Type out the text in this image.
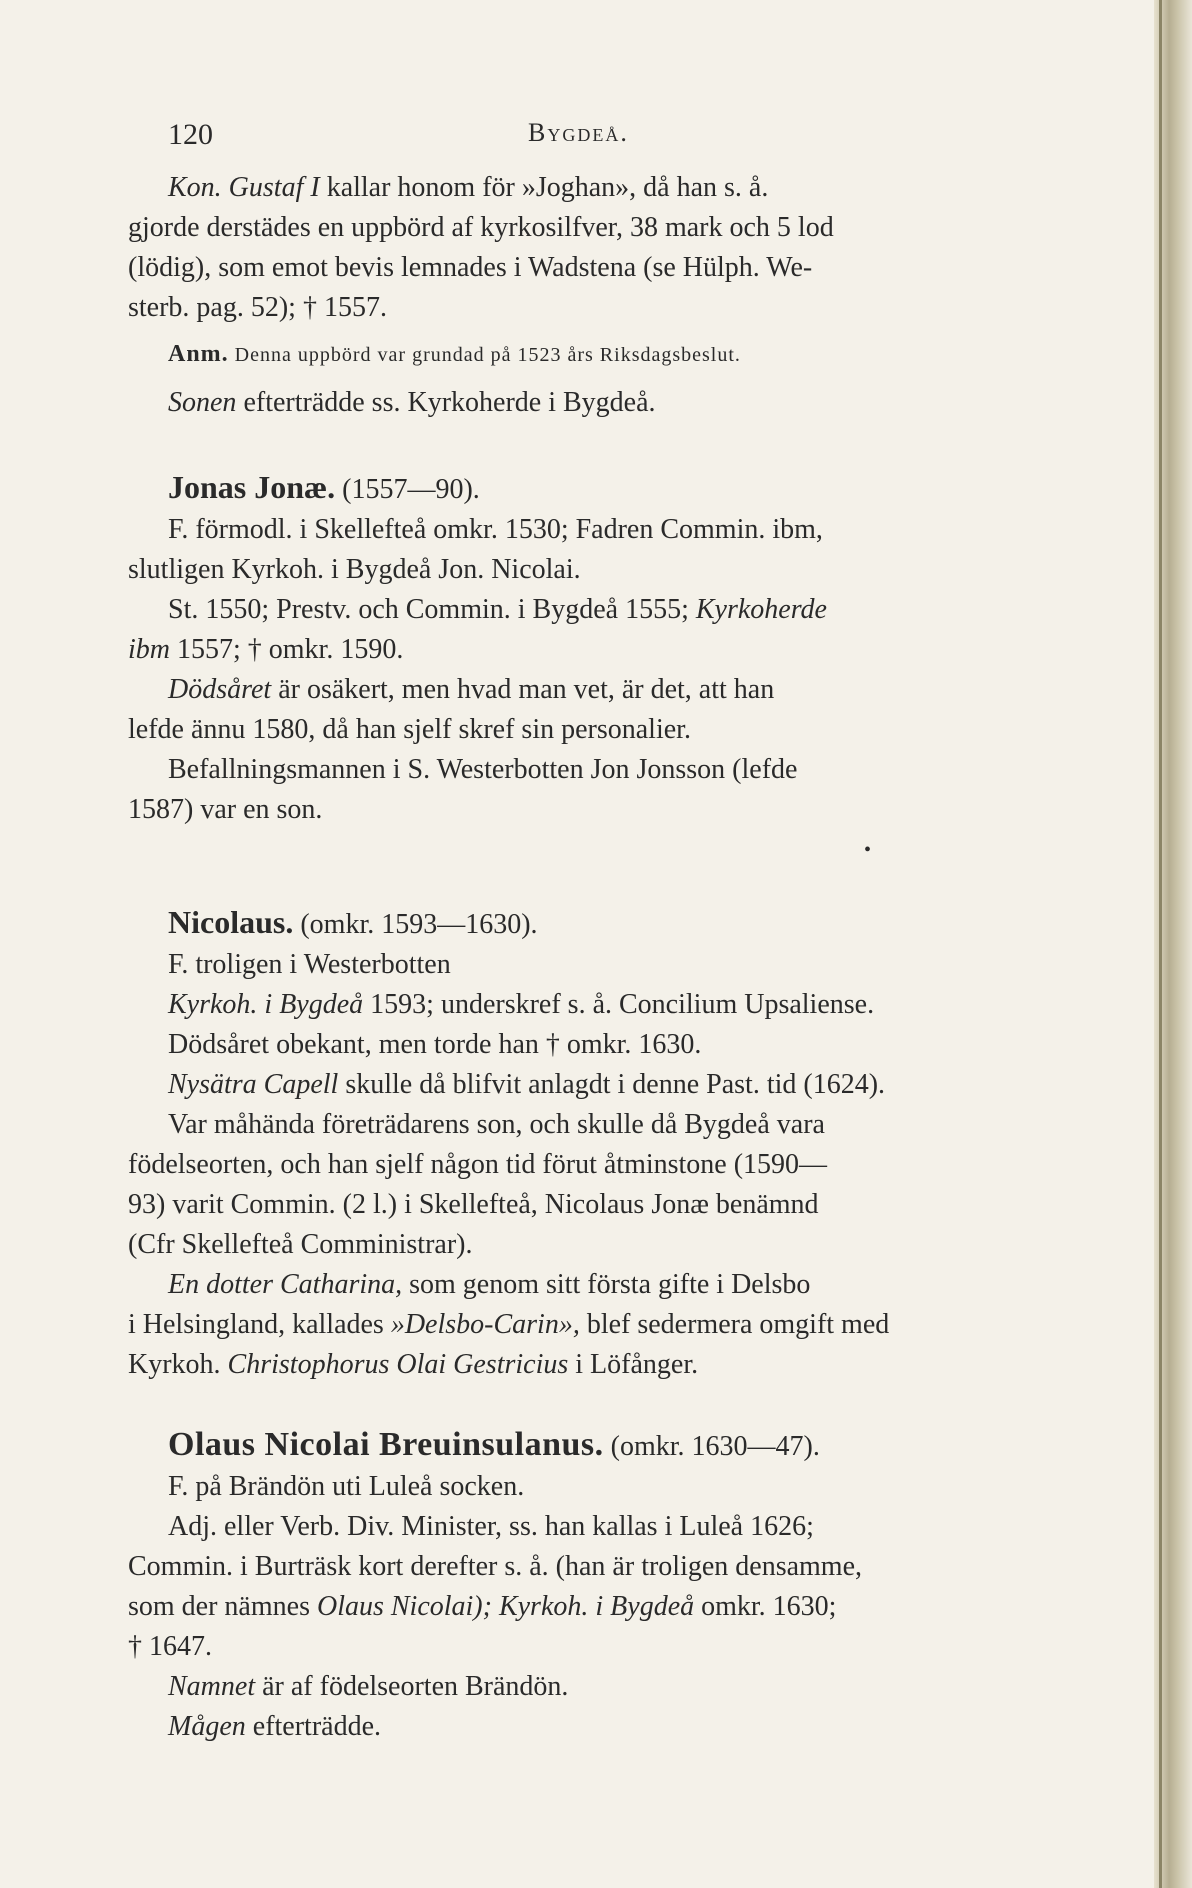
120	Bygdeå.

Kon. Gustaf I kallar honom för »Joghan», då han s. å.
gjorde derstädes en uppbörd af kyrkosilfver, 38 mark och 5 lod
(lödig), som emot bevis lemnades i Wadstena (se Hülph. We-
sterb. pag. 52); † 1557.

Anm. Denna uppbörd var grundad på 1523 års Riksdagsbeslut.

Sonen efterträdde ss. Kyrkoherde i Bygdeå.

Jonas Jonæ. (1557—90).

F. förmodl. i Skellefteå omkr. 1530; Fadren Commin. ibm,
slutligen Kyrkoh. i Bygdeå Jon. Nicolai.

St. 1550; Prestv. och Commin. i Bygdeå 1555; Kyrkoherde
ibm 1557; † omkr. 1590.

Dödsåret är osäkert, men hvad man vet, är det, att han
lefde ännu 1580, då han sjelf skref sin personalier.

Befallningsmannen i S. Westerbotten Jon Jonsson (lefde
1587) var en son.

•

Nicolaus. (omkr. 1593—1630).

F. troligen i Westerbotten

Kyrkoh. i Bygdeå 1593; underskref s. å. Concilium Upsaliense.

Dödsåret obekant, men torde han † omkr. 1630.

Nysätra Capell skulle då blifvit anlagdt i denne Past. tid (1624).

Var måhända företrädarens son, och skulle då Bygdeå vara
födelseorten, och han sjelf någon tid förut åtminstone (1590—
93) varit Commin. (2 l.) i Skellefteå, Nicolaus Jonæ benämnd
(Cfr Skellefteå Comministrar).

En dotter Catharina, som genom sitt första gifte i Delsbo
i Helsingland, kallades »Delsbo-Carin», blef sedermera omgift med
Kyrkoh. Christophorus Olai Gestricius i Löfånger.

Olaus Nicolai Breuinsulanus. (omkr. 1630—47).

F. på Brändön uti Luleå socken.

Adj. eller Verb. Div. Minister, ss. han kallas i Luleå 1626;
Commin. i Burträsk kort derefter s. å. (han är troligen densamme,
som der nämnes Olaus Nicolai); Kyrkoh. i Bygdeå omkr. 1630;
† 1647.

Namnet är af födelseorten Brändön.

Mågen efterträdde.
